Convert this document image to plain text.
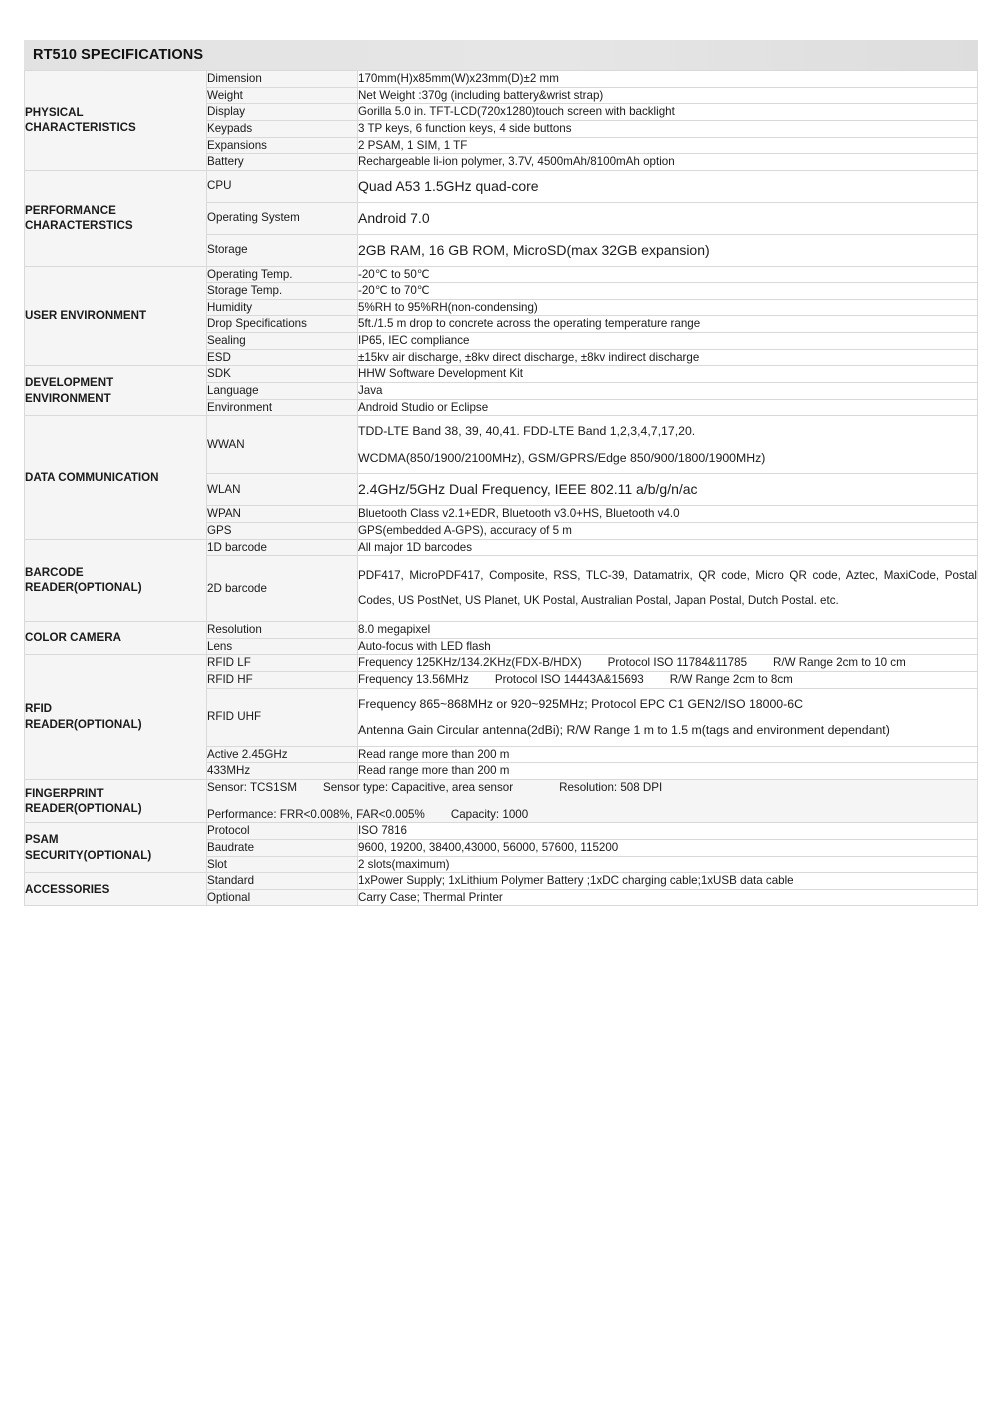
RT510 SPECIFICATIONS
PHYSICAL
CHARACTERISTICS	Dimension	170mm(H)x85mm(W)x23mm(D)±2 mm
	Weight	Net Weight :370g (including battery&wrist strap)
	Display	Gorilla 5.0 in. TFT-LCD(720x1280)touch screen with backlight
	Keypads	3 TP keys, 6 function keys, 4 side buttons
	Expansions	2 PSAM, 1 SIM, 1 TF
	Battery	Rechargeable li-ion polymer, 3.7V, 4500mAh/8100mAh option

PERFORMANCE
CHARACTERSTICS	CPU	Quad A53 1.5GHz quad-core
	Operating System	Android 7.0
	Storage	2GB RAM, 16 GB ROM, MicroSD(max 32GB expansion)

USER ENVIRONMENT	Operating Temp.	-20℃ to 50℃
	Storage Temp.	-20℃ to 70℃
	Humidity	5%RH to 95%RH(non-condensing)
	Drop Specifications	5ft./1.5 m drop to concrete across the operating temperature range
	Sealing	IP65, IEC compliance
	ESD	±15kv air discharge, ±8kv direct discharge, ±8kv indirect discharge

DEVELOPMENT
ENVIRONMENT	SDK	HHW Software Development Kit
	Language	Java
	Environment	Android Studio or Eclipse

DATA COMMUNICATION	WWAN	TDD-LTE Band 38, 39, 40,41. FDD-LTE Band 1,2,3,4,7,17,20.
WCDMA(850/1900/2100MHz), GSM/GPRS/Edge 850/900/1800/1900MHz)

	WLAN	2.4GHz/5GHz Dual Frequency, IEEE 802.11 a/b/g/n/ac
	WPAN	Bluetooth Class v2.1+EDR, Bluetooth v3.0+HS, Bluetooth v4.0
	GPS	GPS(embedded A-GPS), accuracy of 5 m

BARCODE
READER(OPTIONAL)	1D barcode	All major 1D barcodes
	2D barcode	PDF417, MicroPDF417, Composite, RSS, TLC-39, Datamatrix, QR code, Micro QR code, Aztec, MaxiCode, Postal Codes, US PostNet, US Planet, UK Postal, Australian Postal, Japan Postal, Dutch Postal. etc.

COLOR CAMERA	Resolution	8.0 megapixel
	Lens	Auto-focus with LED flash

RFID
READER(OPTIONAL)	RFID LF	Frequency 125KHz/134.2KHz(FDX-B/HDX) Protocol ISO 11784&11785 R/W Range 2cm to 10 cm
	RFID HF	Frequency 13.56MHz Protocol ISO 14443A&15693 R/W Range 2cm to 8cm
	RFID UHF	Frequency 865~868MHz or 920~925MHz; Protocol EPC C1 GEN2/ISO 18000-6C
Antenna Gain Circular antenna(2dBi); R/W Range 1 m to 1.5 m(tags and environment dependant)

	Active 2.45GHz	Read range more than 200 m
	433MHz	Read range more than 200 m

FINGERPRINT
READER(OPTIONAL)	Sensor: TCS1SM Sensor type: Capacitive, area sensor Resolution: 508 DPI
Performance: FRR<0.008%, FAR<0.005% Capacity: 1000	

PSAM
SECURITY(OPTIONAL)	Protocol	ISO 7816
	Baudrate	9600, 19200, 38400,43000, 56000, 57600, 115200
	Slot	2 slots(maximum)

ACCESSORIES	Standard	1xPower Supply; 1xLithium Polymer Battery ;1xDC charging cable;1xUSB data cable
	Optional	Carry Case; Thermal Printer
